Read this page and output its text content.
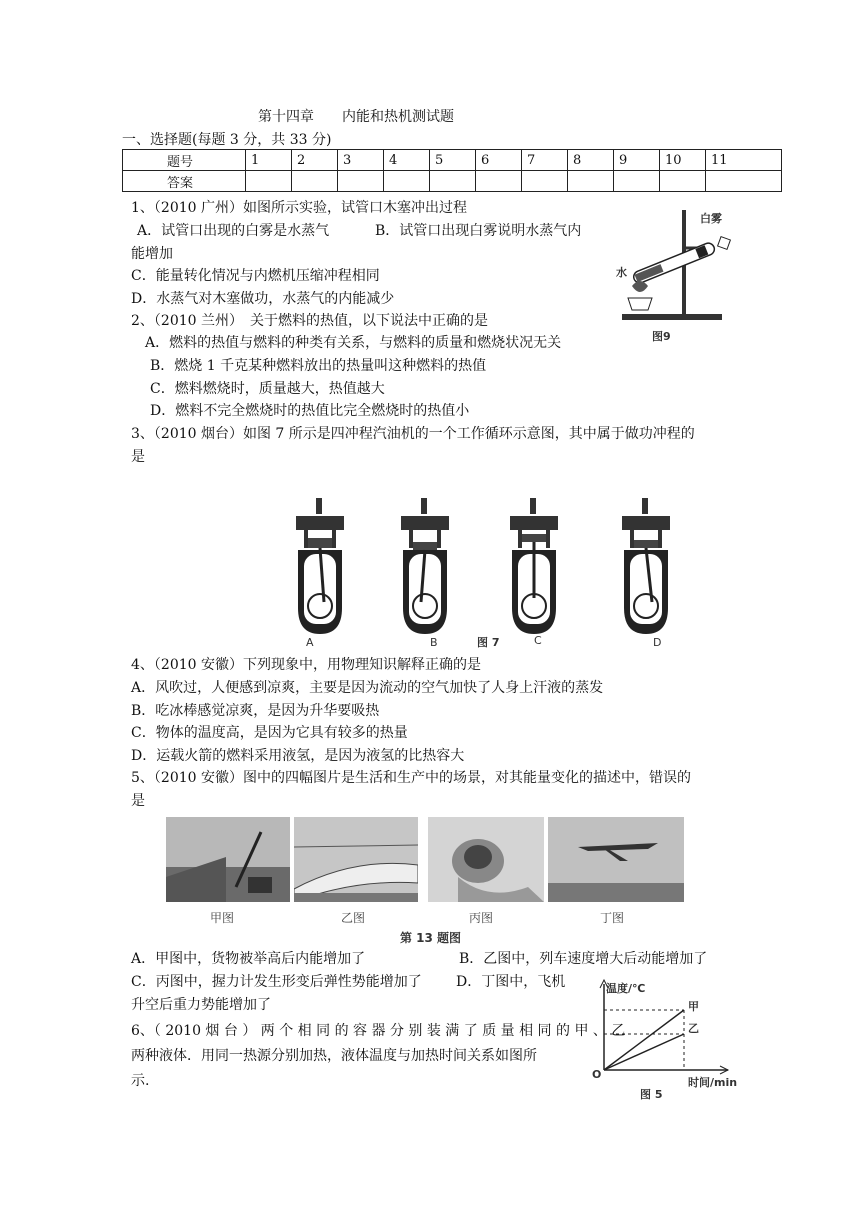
第十四章　　内能和热机测试题
一、选择题(每题 3 分，共 33 分)
题号	1	2	3	4	5	6	7	8	9	10	11
答案											
1、（2010 广州）如图所示实验，试管口木塞冲出过程
A．试管口出现的白雾是水蒸气	B．试管口出现白雾说明水蒸气内
能增加
C．能量转化情况与内燃机压缩冲程相同
D．水蒸气对木塞做功，水蒸气的内能减少
白雾
水
图9
2、（2010 兰州）　关于燃料的热值，以下说法中正确的是
A．燃料的热值与燃料的种类有关系，与燃料的质量和燃烧状况无关
B．燃烧 1 千克某种燃料放出的热量叫这种燃料的热值
C．燃料燃烧时，质量越大，热值越大
D．燃料不完全燃烧时的热值比完全燃烧时的热值小
3、（2010 烟台）如图 7 所示是四冲程汽油机的一个工作循环示意图，其中属于做功冲程的
是
A	B	图 7	C	D
4、（2010 安徽）下列现象中，用物理知识解释正确的是
A．风吹过，人便感到凉爽，主要是因为流动的空气加快了人身上汗液的蒸发
B．吃冰棒感觉凉爽，是因为升华要吸热
C．物体的温度高，是因为它具有较多的热量
D．运载火箭的燃料采用液氢，是因为液氢的比热容大
5、（2010 安徽）图中的四幅图片是生活和生产中的场景，对其能量变化的描述中，错误的
是
甲图	乙图	丙图	丁图
第 13 题图
A．甲图中，货物被举高后内能增加了	B．乙图中，列车速度增大后动能增加了
C．丙图中，握力计发生形变后弹性势能增加了 D．丁图中，飞机
升空后重力势能增加了
6、（ 2010 烟 台 ） 两 个 相 同 的 容 器 分 别 装 满 了 质 量 相 同 的 甲 、 乙
两种液体．用同一热源分别加热，液体温度与加热时间关系如图所
示.
温度/℃
时间/min
O
甲
乙
图 5
